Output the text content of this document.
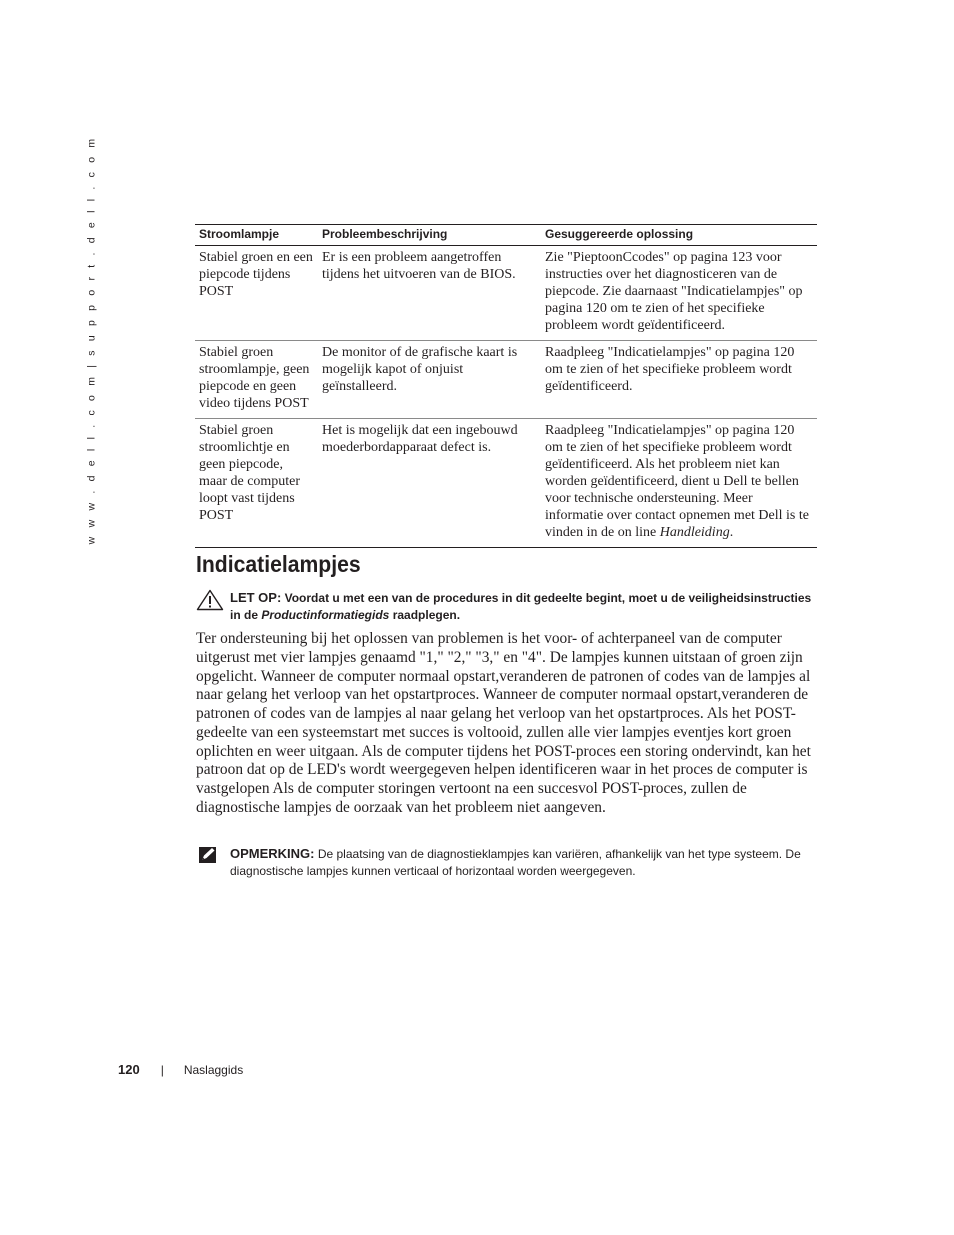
w w w . d e l l . c o m | s u p p o r t . d e l l . c o m	Stroomlampje	Probleembeschrijving	Gesuggereerde oplossing
Stabiel groen en een piepcode tijdens POST	Er is een probleem aangetroffen tijdens het uitvoeren van de BIOS.	Zie "PieptoonCcodes" op pagina 123 voor instructies over het diagnosticeren van de piepcode. Zie daarnaast "Indicatielampjes" op pagina 120 om te zien of het specifieke probleem wordt geïdentificeerd.
Stabiel groen stroomlampje, geen piepcode en geen video tijdens POST	De monitor of de grafische kaart is mogelijk kapot of onjuist geïnstalleerd.	Raadpleeg "Indicatielampjes" op pagina 120 om te zien of het specifieke probleem wordt geïdentificeerd.
Stabiel groen stroomlichtje en geen piepcode, maar de computer loopt vast tijdens POST	Het is mogelijk dat een ingebouwd moederbordapparaat defect is.	Raadpleeg "Indicatielampjes" op pagina 120 om te zien of het specifieke probleem wordt geïdentificeerd. Als het probleem niet kan worden geïdentificeerd, dient u Dell te bellen voor technische ondersteuning. Meer informatie over contact opnemen met Dell is te vinden in de on line Handleiding.
Indicatielampjes
LET OP: Voordat u met een van de procedures in dit gedeelte begint, moet u de veiligheidsinstructies in de Productinformatiegids raadplegen.

Ter ondersteuning bij het oplossen van problemen is het voor- of achterpaneel van de computer uitgerust met vier lampjes genaamd "1," "2," "3," en "4". De lampjes kunnen uitstaan of groen zijn opgelicht. Wanneer de computer normaal opstart,veranderen de patronen of codes van de lampjes al naar gelang het verloop van het opstartproces. Wanneer de computer normaal opstart,veranderen de patronen of codes van de lampjes al naar gelang het verloop van het opstartproces. Als het POST-gedeelte van een systeemstart met succes is voltooid, zullen alle vier lampjes eventjes kort groen oplichten en weer uitgaan. Als de computer tijdens het POST-proces een storing ondervindt, kan het patroon dat op de LED's wordt weergegeven helpen identificeren waar in het proces de computer is vastgelopen Als de computer storingen vertoont na een succesvol POST-proces, zullen de diagnostische lampjes de oorzaak van het probleem niet aangeven.

OPMERKING: De plaatsing van de diagnostieklampjes kan variëren, afhankelijk van het type systeem. De diagnostische lampjes kunnen verticaal of horizontaal worden weergegeven.
120 | Naslaggids
